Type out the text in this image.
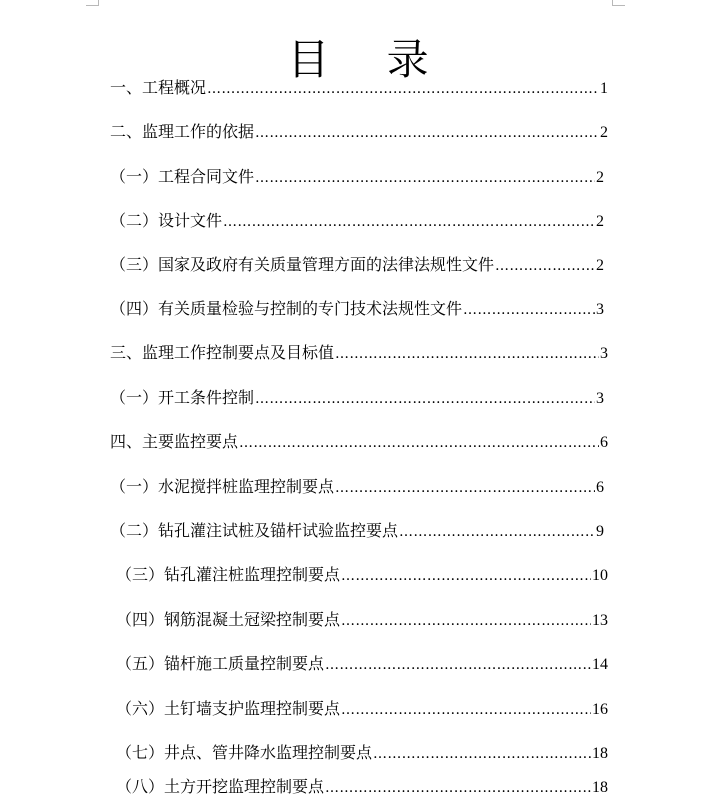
目 录
一、工程概况 …………………………………………………………………………………………………………………………………………………………………………	1
二、监理工作的依据 …………………………………………………………………………………………………………………………………………………………………………	2
（一）工程合同文件 …………………………………………………………………………………………………………………………………………………………………………	2
（二）设计文件 …………………………………………………………………………………………………………………………………………………………………………	2
（三）国家及政府有关质量管理方面的法律法规性文件 …………………………………………………………………………………………………………………………………………………………………………	2
（四）有关质量检验与控制的专门技术法规性文件 …………………………………………………………………………………………………………………………………………………………………………	3
三、监理工作控制要点及目标值 …………………………………………………………………………………………………………………………………………………………………………	3
（一）开工条件控制 …………………………………………………………………………………………………………………………………………………………………………	3
四、主要监控要点 …………………………………………………………………………………………………………………………………………………………………………	6
（一）水泥搅拌桩监理控制要点 …………………………………………………………………………………………………………………………………………………………………………	6
（二）钻孔灌注试桩及锚杆试验监控要点 …………………………………………………………………………………………………………………………………………………………………………	9
（三）钻孔灌注桩监理控制要点 …………………………………………………………………………………………………………………………………………………………………………	10
（四）钢筋混凝土冠梁控制要点 …………………………………………………………………………………………………………………………………………………………………………	13
（五）锚杆施工质量控制要点 …………………………………………………………………………………………………………………………………………………………………………	14
（六）土钉墙支护监理控制要点 …………………………………………………………………………………………………………………………………………………………………………	16
（七）井点、管井降水监理控制要点 …………………………………………………………………………………………………………………………………………………………………………	18
（八）土方开挖监理控制要点 …………………………………………………………………………………………………………………………………………………………………………	18
